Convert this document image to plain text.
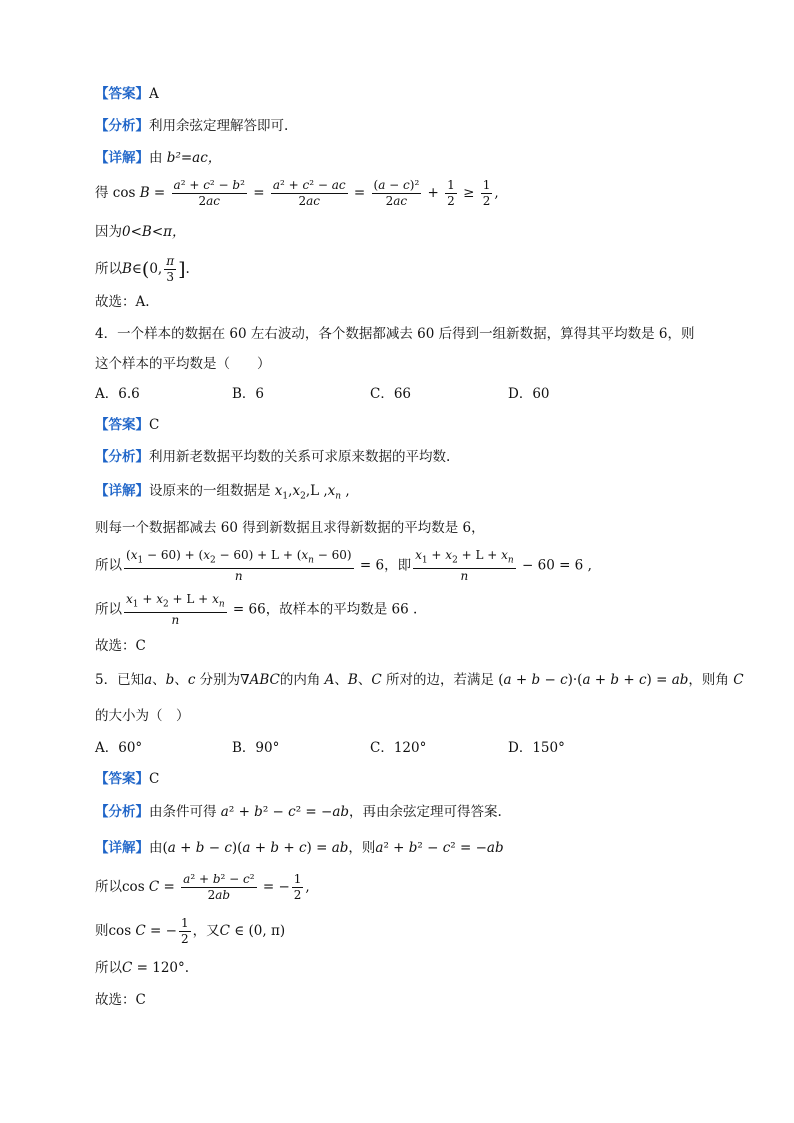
【答案】A
【分析】利用余弦定理解答即可.
【详解】由 b²=ac，
得 $\cos B = \frac{\text{a² + c² − b²}}{2ac} = \frac{\text{a² + c² − ac}}{2ac} = \frac{\text{(a − c)²}}{2ac} + \frac{1}{2} \ge \frac{1}{2}$ ,
因为0<B<π，
所以B∈(0, $\frac{\pi}{3}$ ].
故选：A.
4．一个样本的数据在 60 左右波动，各个数据都减去 60 后得到一组新数据，算得其平均数是 6，则
这个样本的平均数是（　　）
A．6.6	B．6	C．66	D．60
【答案】C
【分析】利用新老数据平均数的关系可求原来数据的平均数.
【详解】设原来的一组数据是 $x_1,x_2,L$ $,x_n$ ,
则每一个数据都减去 60 得到新数据且求得新数据的平均数是 6，
所以 $\frac{(x_1 - 60) + (x_2 - 60) + L + (x_n - 60)}{n} = 6$，即 $\frac{x_1 + x_2 + L + x_n}{n} - 60 = 6$ ,
所以 $\frac{x_1 + x_2 + L + x_n}{n} = 66$，故样本的平均数是 66 .
故选：C
5．已知a、b、c 分别为∇ABC的内角 A、B、C 所对的边，若满足 (a + b − c)·(a + b + c) = ab，则角 C
的大小为（　）
A．60°	B．90°	C．120°	D．150°
【答案】C
【分析】由条件可得 a² + b² − c² = −ab，再由余弦定理可得答案.
【详解】由(a + b − c)(a + b + c) = ab，则a² + b² − c² = −ab
所以$\cos C = \frac{\text{a² + b² − c²}}{2ab}$ = − $\frac{1}{2}$ ,
则cos C = − $\frac{1}{2}$ ，又C ∈ (0, π)
所以C = 120°.
故选：C
